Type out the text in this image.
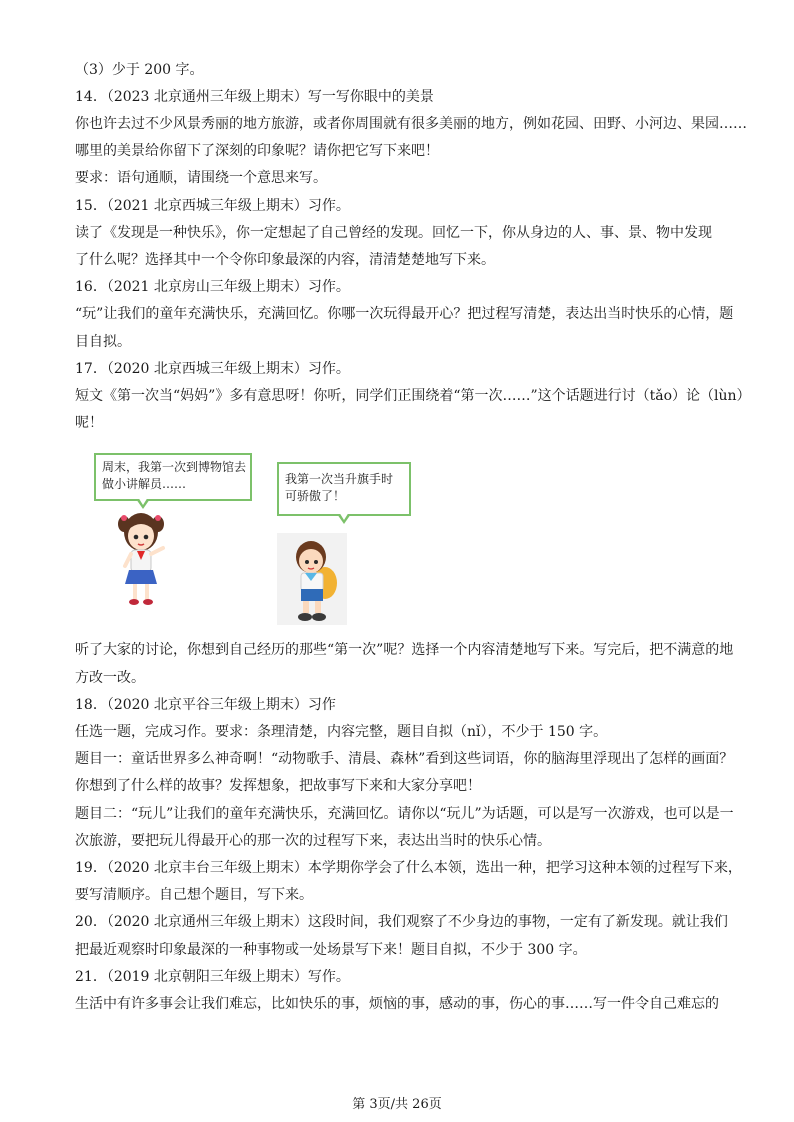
（3）少于 200 字。
14．（2023 北京通州三年级上期末）写一写你眼中的美景
你也许去过不少风景秀丽的地方旅游，或者你周围就有很多美丽的地方，例如花园、田野、小河边、果园……
哪里的美景给你留下了深刻的印象呢？请你把它写下来吧！
要求：语句通顺，请围绕一个意思来写。
15．（2021 北京西城三年级上期末）习作。
读了《发现是一种快乐》，你一定想起了自己曾经的发现。回忆一下，你从身边的人、事、景、物中发现
了什么呢？选择其中一个令你印象最深的内容，清清楚楚地写下来。
16．（2021 北京房山三年级上期末）习作。
“玩”让我们的童年充满快乐，充满回忆。你哪一次玩得最开心？把过程写清楚，表达出当时快乐的心情，题
目自拟。
17．（2020 北京西城三年级上期末）习作。
短文《第一次当“妈妈”》多有意思呀！你听，同学们正围绕着“第一次……”这个话题进行讨（tǎo）论（lùn）
呢！
周末，我第一次到博物馆去
做小讲解员……	我第一次当升旗手时
可骄傲了！
听了大家的讨论，你想到自己经历的那些“第一次”呢？选择一个内容清楚地写下来。写完后，把不满意的地
方改一改。
18．（2020 北京平谷三年级上期末）习作
任选一题，完成习作。要求：条理清楚，内容完整，题目自拟（nǐ），不少于 150 字。
题目一：童话世界多么神奇啊！“动物歌手、清晨、森林”看到这些词语，你的脑海里浮现出了怎样的画面？
你想到了什么样的故事？发挥想象，把故事写下来和大家分享吧！
题目二：“玩儿”让我们的童年充满快乐，充满回忆。请你以“玩儿”为话题，可以是写一次游戏，也可以是一
次旅游，要把玩儿得最开心的那一次的过程写下来，表达出当时的快乐心情。
19．（2020 北京丰台三年级上期末）本学期你学会了什么本领，选出一种，把学习这种本领的过程写下来，
要写清顺序。自己想个题目，写下来。
20．（2020 北京通州三年级上期末）这段时间，我们观察了不少身边的事物，一定有了新发现。就让我们
把最近观察时印象最深的一种事物或一处场景写下来！题目自拟，不少于 300 字。
21．（2019 北京朝阳三年级上期末）写作。
生活中有许多事会让我们难忘，比如快乐的事，烦恼的事，感动的事，伤心的事……写一件令自己难忘的
第 3页/共 26页
